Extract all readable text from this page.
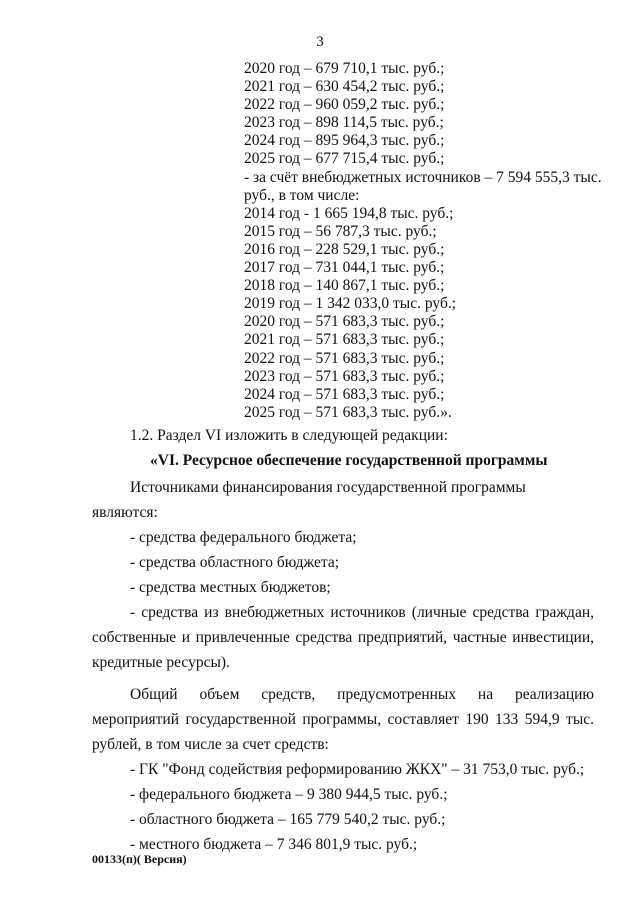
3
2020 год – 679 710,1 тыс. руб.;
2021 год – 630 454,2 тыс. руб.;
2022 год – 960 059,2 тыс. руб.;
2023 год – 898 114,5 тыс. руб.;
2024 год – 895 964,3 тыс. руб.;
2025 год – 677 715,4 тыс. руб.;
- за счёт внебюджетных источников – 7 594 555,3 тыс. руб., в том числе:
2014 год - 1 665 194,8 тыс. руб.;
2015 год – 56 787,3 тыс. руб.;
2016 год – 228 529,1 тыс. руб.;
2017 год – 731 044,1 тыс. руб.;
2018 год – 140 867,1 тыс. руб.;
2019 год – 1 342 033,0 тыс. руб.;
2020 год – 571 683,3 тыс. руб.;
2021 год – 571 683,3 тыс. руб.;
2022 год – 571 683,3 тыс. руб.;
2023 год – 571 683,3 тыс. руб.;
2024 год – 571 683,3 тыс. руб.;
2025 год – 571 683,3 тыс. руб.».

1.2. Раздел VI изложить в следующей редакции:

«VI. Ресурсное обеспечение государственной программы

Источниками финансирования государственной программы являются:

- средства федерального бюджета;

- средства областного бюджета;

- средства местных бюджетов;

- средства из внебюджетных источников (личные средства граждан, собственные и привлеченные средства предприятий, частные инвестиции, кредитные ресурсы).

Общий объем средств, предусмотренных на реализацию мероприятий государственной программы, составляет 190 133 594,9 тыс. рублей, в том числе за счет средств:

- ГК "Фонд содействия реформированию ЖКХ" – 31 753,0 тыс. руб.;

- федерального бюджета – 9 380 944,5 тыс. руб.;

- областного бюджета – 165 779 540,2 тыс. руб.;

- местного бюджета – 7 346 801,9 тыс. руб.;

00133(п)( Версия)
